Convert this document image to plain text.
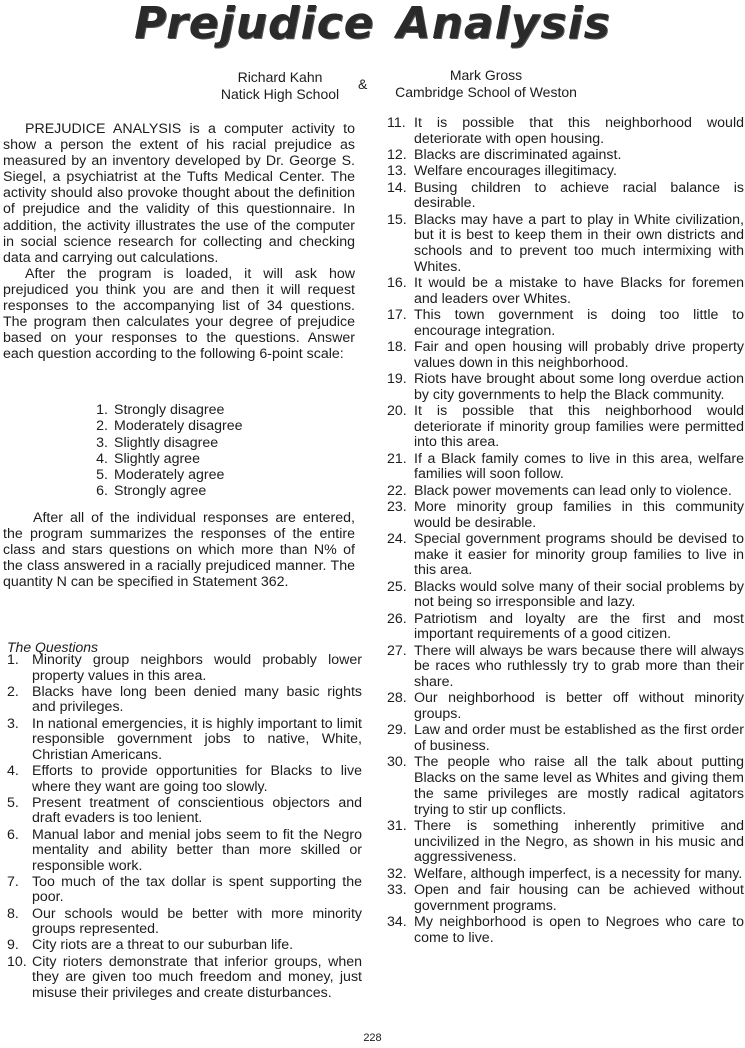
Prejudice Analysis
Richard Kahn
Natick High School
&
Mark Gross
Cambridge School of Weston

PREJUDICE ANALYSIS is a computer activity to show a person the extent of his racial prejudice as measured by an inventory developed by Dr. George S. Siegel, a psychiatrist at the Tufts Medical Center. The activity should also provoke thought about the definition of prejudice and the validity of this questionnaire. In addition, the activity illustrates the use of the computer in social science research for collecting and checking data and carrying out calculations.

After the program is loaded, it will ask how prejudiced you think you are and then it will request responses to the accompanying list of 34 questions. The program then calculates your degree of prejudice based on your responses to the questions. Answer each question according to the following 6-point scale:

1. Strongly disagree
2. Moderately disagree
3. Slightly disagree
4. Slightly agree
5. Moderately agree
6. Strongly agree

After all of the individual responses are entered, the program summarizes the responses of the entire class and stars questions on which more than N% of the class answered in a racially prejudiced manner. The quantity N can be specified in Statement 362.

The Questions
1. Minority group neighbors would probably lower property values in this area.
2. Blacks have long been denied many basic rights and privileges.
3. In national emergencies, it is highly important to limit responsible government jobs to native, White, Christian Americans.
4. Efforts to provide opportunities for Blacks to live where they want are going too slowly.
5. Present treatment of conscientious objectors and draft evaders is too lenient.
6. Manual labor and menial jobs seem to fit the Negro mentality and ability better than more skilled or responsible work.
7. Too much of the tax dollar is spent supporting the poor.
8. Our schools would be better with more minority groups represented.
9. City riots are a threat to our suburban life.
10. City rioters demonstrate that inferior groups, when they are given too much freedom and money, just misuse their privileges and create disturbances.
11. It is possible that this neighborhood would deteriorate with open housing.
12. Blacks are discriminated against.
13. Welfare encourages illegitimacy.
14. Busing children to achieve racial balance is desirable.
15. Blacks may have a part to play in White civilization, but it is best to keep them in their own districts and schools and to prevent too much intermixing with Whites.
16. It would be a mistake to have Blacks for foremen and leaders over Whites.
17. This town government is doing too little to encourage integration.
18. Fair and open housing will probably drive property values down in this neighborhood.
19. Riots have brought about some long overdue action by city governments to help the Black community.
20. It is possible that this neighborhood would deteriorate if minority group families were permitted into this area.
21. If a Black family comes to live in this area, welfare families will soon follow.
22. Black power movements can lead only to violence.
23. More minority group families in this community would be desirable.
24. Special government programs should be devised to make it easier for minority group families to live in this area.
25. Blacks would solve many of their social problems by not being so irresponsible and lazy.
26. Patriotism and loyalty are the first and most important requirements of a good citizen.
27. There will always be wars because there will always be races who ruthlessly try to grab more than their share.
28. Our neighborhood is better off without minority groups.
29. Law and order must be established as the first order of business.
30. The people who raise all the talk about putting Blacks on the same level as Whites and giving them the same privileges are mostly radical agitators trying to stir up conflicts.
31. There is something inherently primitive and uncivilized in the Negro, as shown in his music and aggressiveness.
32. Welfare, although imperfect, is a necessity for many.
33. Open and fair housing can be achieved without government programs.
34. My neighborhood is open to Negroes who care to come to live.
228
